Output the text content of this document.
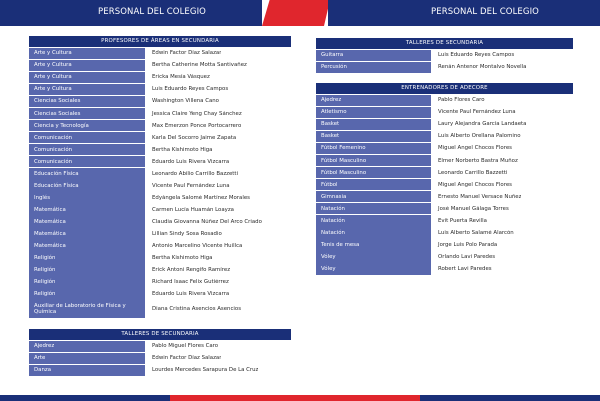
PERSONAL DEL COLEGIO
PROFESORES DE ÁREAS EN SECUNDARIA
Arte y Cultura	Edwin Factor Díaz Salazar
Arte y Cultura	Bertha Catherine Motta Santivañez
Arte y Cultura	Ericka Mesía Vásquez
Arte y Cultura	Luis Eduardo Reyes Campos
Ciencias Sociales	Washington Villena Cano
Ciencias Sociales	Jessica Claire Yeng Chay Sánchez
Ciencia y Tecnología	Max Emerzon Ponce Portocarrero
Comunicación	Karla Del Socorro Jaime Zapata
Comunicación	Bertha Kishimoto Higa
Comunicación	Eduardo Luis Rivera Vizcarra
Educación Física	Leonardo Abilio Carrillo Bazzetti
Educación Física	Vicente Paul Fernández Luna
Inglés	Edyángela Salomé Martínez Morales
Matemática	Carmen Lucía Huamán Loayza
Matemática	Claudia Giovanna Núñez Del Arco Criado
Matemática	Lillian Sindy Sosa Rosadio
Matemática	Antonio Marcelino Vicente Huillca
Religión	Bertha Kishimoto Higa
Religión	Erick Antoni Rengifo Ramírez
Religión	Richard Isaac Felix Gutiérrez
Religión	Eduardo Luis Rivera Vizcarra
Auxiliar de Laboratorio de Física y Química	Diana Cristina Asencios Asencios
TALLERES DE SECUNDARIA
Ajedrez	Pablo Miguel Flores Caro
Arte	Edwin Factor Díaz Salazar
Danza	Lourdes Mercedes Sarapura De La Cruz
PERSONAL DEL COLEGIO
TALLERES DE SECUNDARIA
Guitarra	Luis Eduardo Reyes Campos
Percusión	Renán Antenor Montalvo Novella
ENTRENADORES DE ADECORE
Ajedrez	Pablo Flores Caro
Atletismo	Vicente Paul Fernández Luna
Basket	Laury Alejandra García Landaeta
Basket	Luis Alberto Orellana Palomino
Fútbol Femenino	Miguel Ángel Chocos Flores
Fútbol Masculino	Elmer Norberto Bastra Muñoz
Fútbol Masculino	Leonardo Carrillo Bazzetti
Fútbol	Miguel Ángel Chocos Flores
Gimnasia	Ernesto Manuel Versace Nuñez
Natación	José Manuel Gálaga Torres
Natación	Evit Puerta Revilla
Natación	Luis Alberto Salamé Alarcón
Tenis de mesa	Jorge Luis Polo Parada
Vóley	Orlando Lavi Paredes
Vóley	Robert Lavi Paredes
